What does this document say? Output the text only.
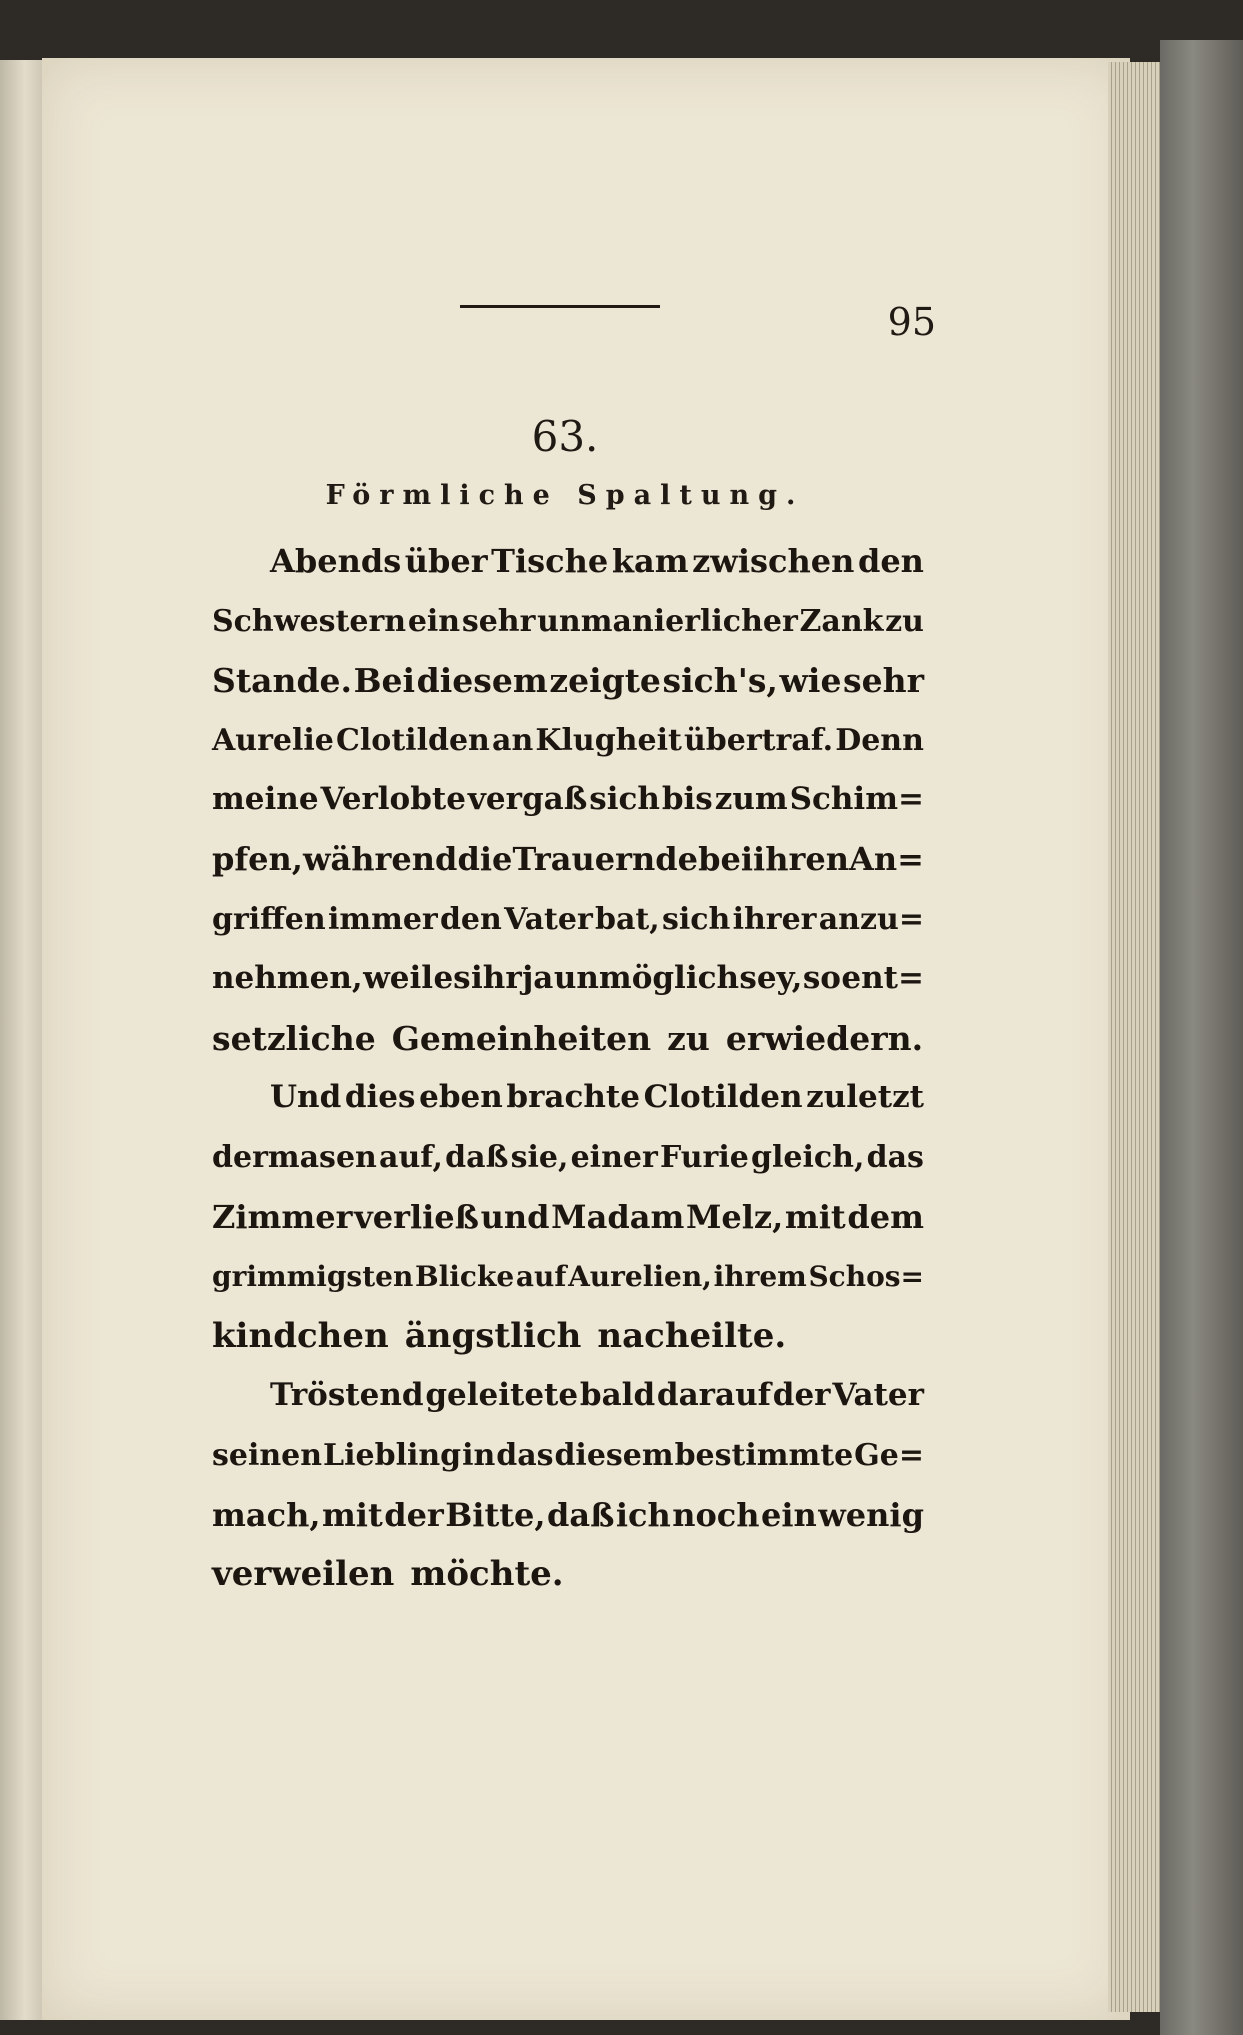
95
63.
Förmliche Spaltung.
Abends über Tische kam zwischen den
Schwestern ein sehr unmanierlicher Zank zu
Stande. Bei diesem zeigte sich's, wie sehr
Aurelie Clotilden an Klugheit übertraf. Denn
meine Verlobte vergaß sich bis zum Schim=
pfen, während die Trauernde bei ihren An=
griffen immer den Vater bat, sich ihrer anzu=
nehmen, weil es ihr ja unmöglich sey, so ent=
setzliche Gemeinheiten zu erwiedern.
Und dies eben brachte Clotilden zuletzt
dermasen auf, daß sie, einer Furie gleich, das
Zimmer verließ und Madam Melz, mit dem
grimmigsten Blicke auf Aurelien, ihrem Schos=
kindchen ängstlich nacheilte.
Tröstend geleitete bald darauf der Vater
seinen Liebling in das diesem bestimmte Ge=
mach, mit der Bitte, daß ich noch ein wenig
verweilen möchte.
